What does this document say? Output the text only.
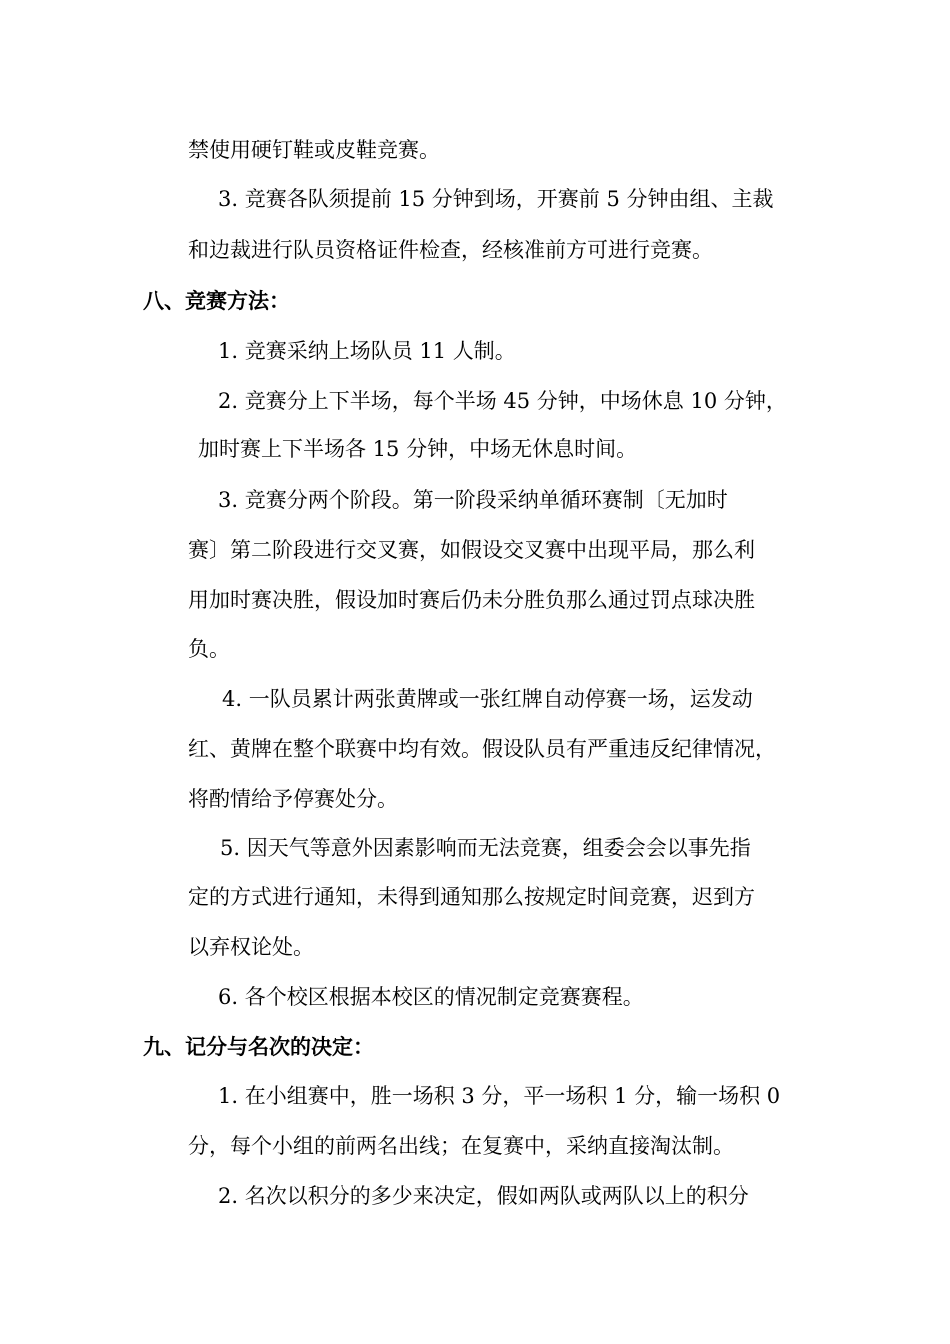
禁使用硬钉鞋或皮鞋竞赛。
3. 竞赛各队须提前 15 分钟到场，开赛前 5 分钟由组、主裁
和边裁进行队员资格证件检查，经核准前方可进行竞赛。
八、竞赛方法：
1. 竞赛采纳上场队员 11 人制。
2. 竞赛分上下半场，每个半场 45 分钟，中场休息 10 分钟，
加时赛上下半场各 15 分钟，中场无休息时间。
3. 竞赛分两个阶段。第一阶段采纳单循环赛制〔无加时
赛〕第二阶段进行交叉赛，如假设交叉赛中出现平局，那么利
用加时赛决胜，假设加时赛后仍未分胜负那么通过罚点球决胜
负。
4. 一队员累计两张黄牌或一张红牌自动停赛一场，运发动
红、黄牌在整个联赛中均有效。假设队员有严重违反纪律情况，
将酌情给予停赛处分。
5. 因天气等意外因素影响而无法竞赛，组委会会以事先指
定的方式进行通知，未得到通知那么按规定时间竞赛，迟到方
以弃权论处。
6. 各个校区根据本校区的情况制定竞赛赛程。
九、记分与名次的决定：
1. 在小组赛中，胜一场积 3 分，平一场积 1 分，输一场积 0
分，每个小组的前两名出线；在复赛中，采纳直接淘汰制。
2. 名次以积分的多少来决定，假如两队或两队以上的积分
